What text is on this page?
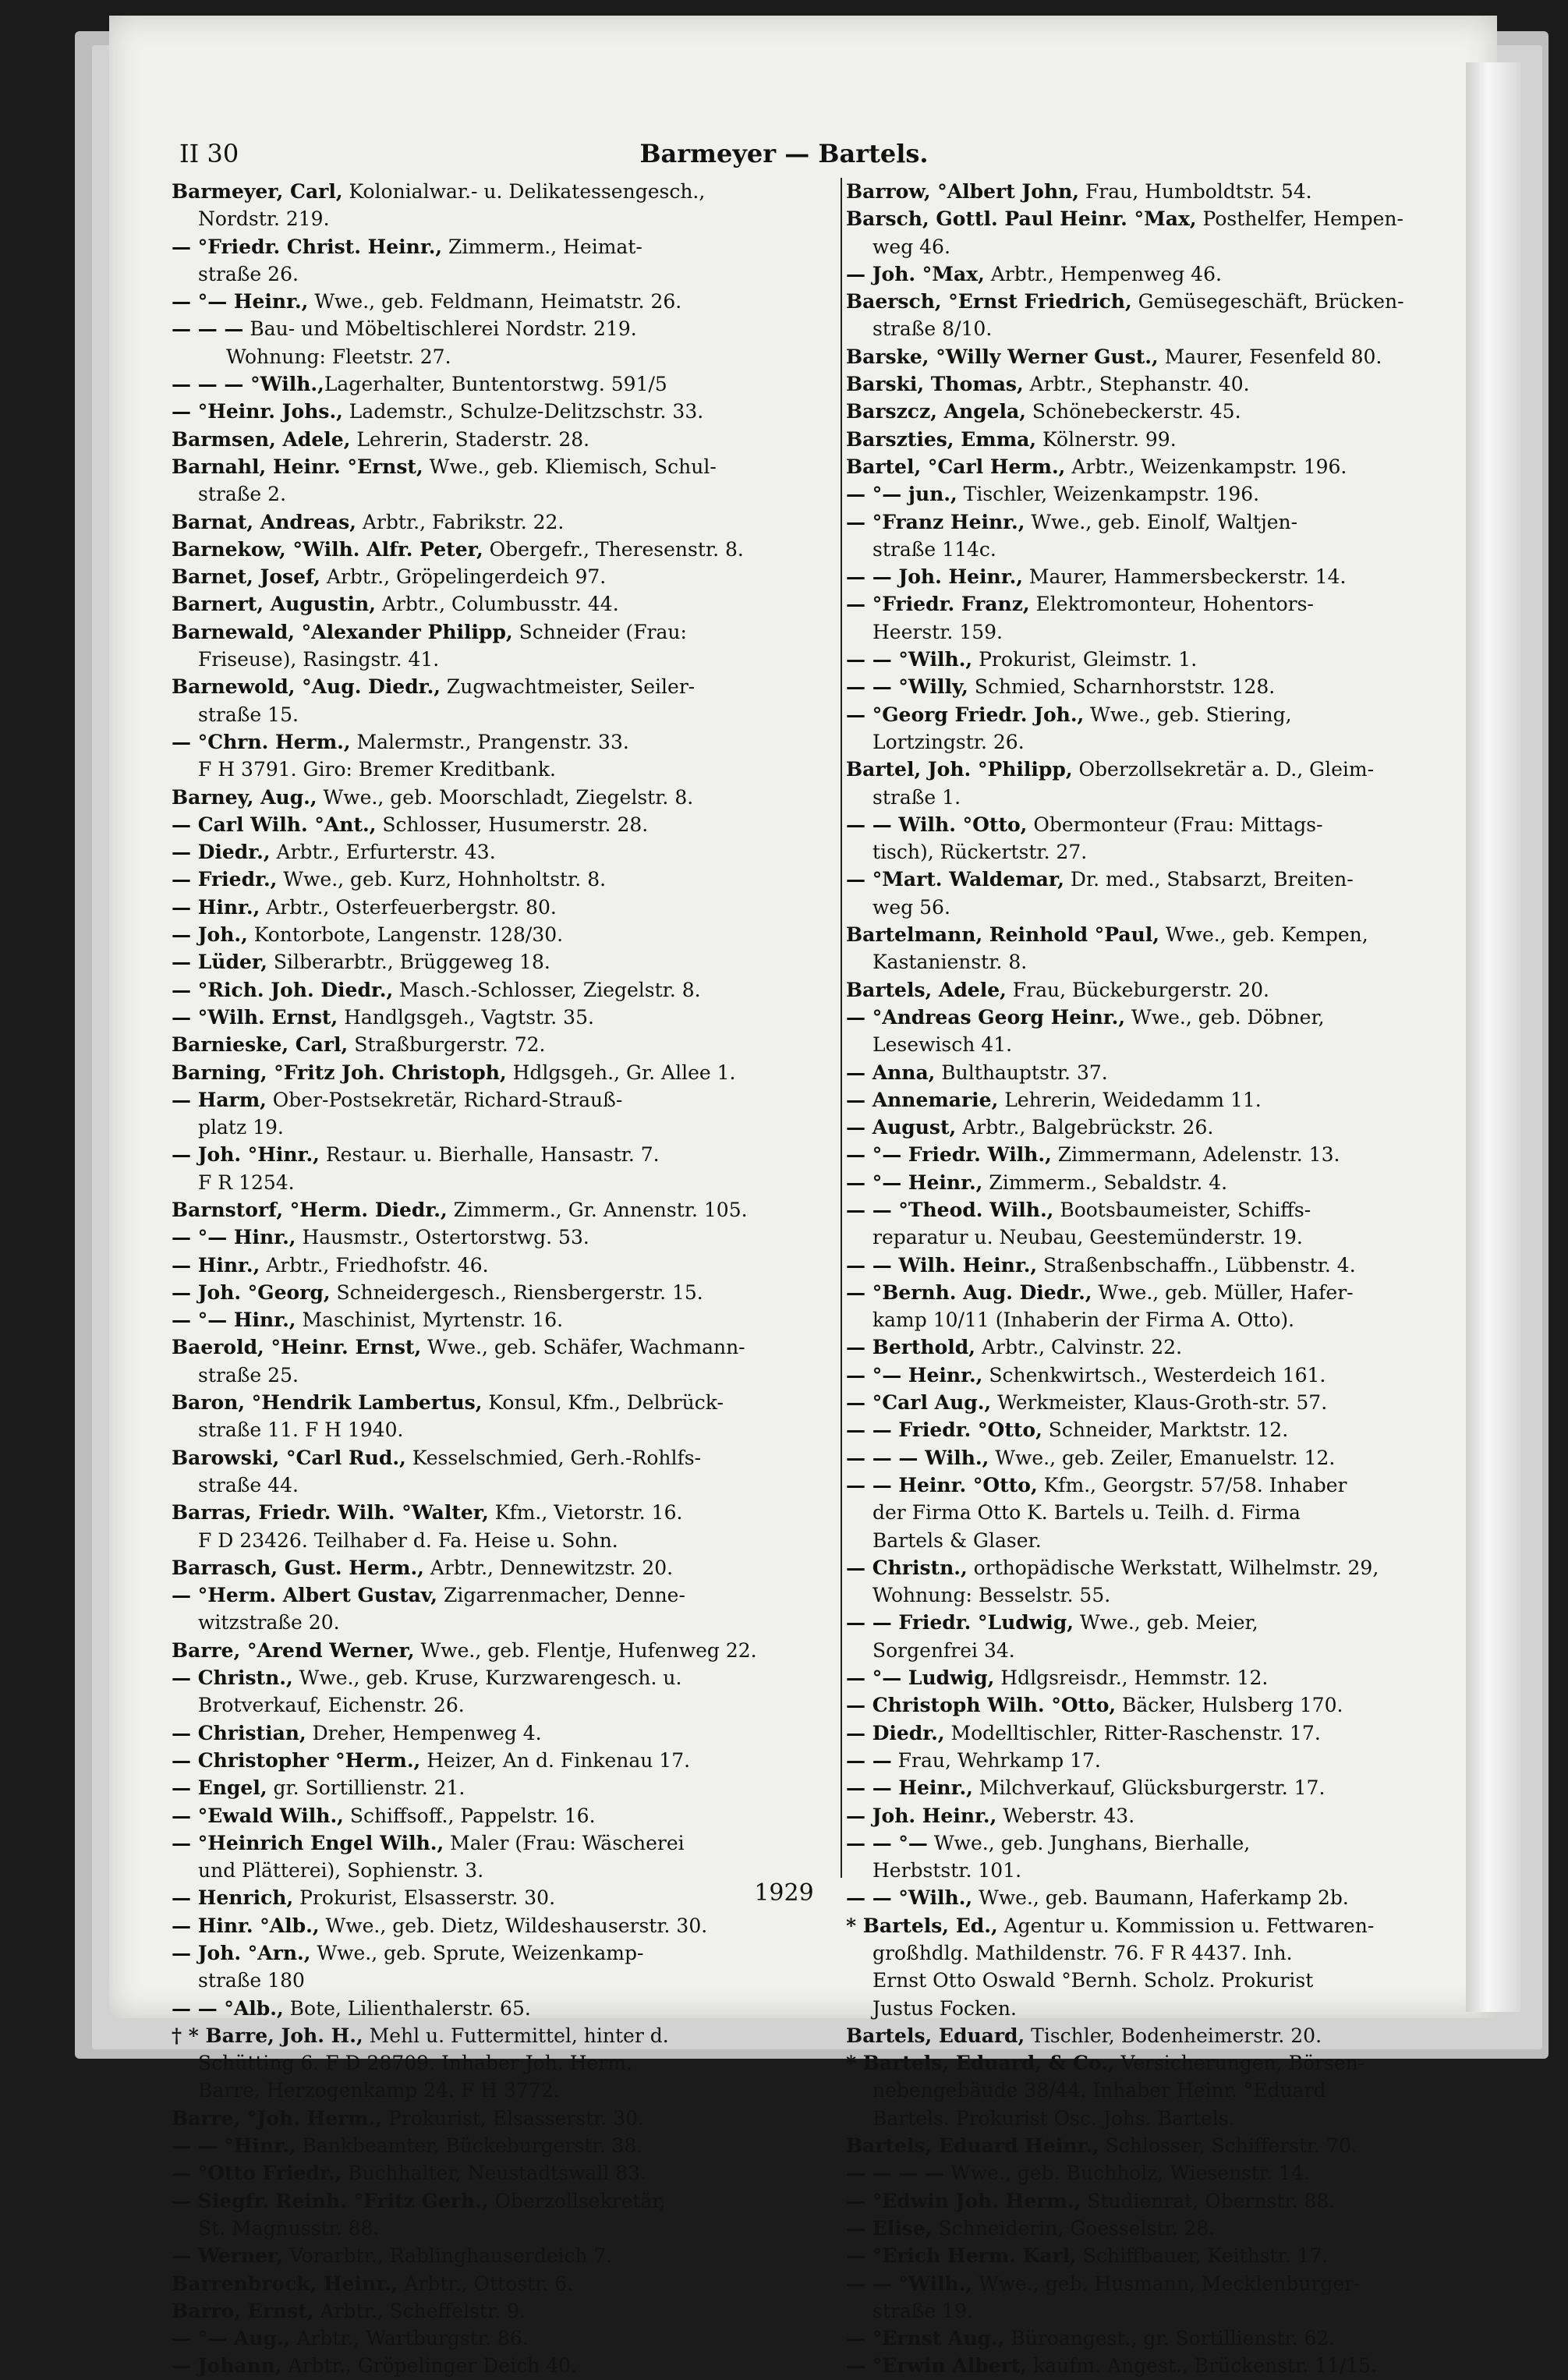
II 30	Barmeyer — Bartels.
Barmeyer, Carl, Kolonialwar.- u. Delikatessengesch.,
Nordstr. 219.
— °Friedr. Christ. Heinr., Zimmerm., Heimat-
straße 26.
— °— Heinr., Wwe., geb. Feldmann, Heimatstr. 26.
— — — Bau- und Möbeltischlerei Nordstr. 219.
Wohnung: Fleetstr. 27.
— — — °Wilh.,Lagerhalter, Buntentorstwg. 591/5
— °Heinr. Johs., Lademstr., Schulze-Delitzschstr. 33.
Barmsen, Adele, Lehrerin, Staderstr. 28.
Barnahl, Heinr. °Ernst, Wwe., geb. Kliemisch, Schul-
straße 2.
Barnat, Andreas, Arbtr., Fabrikstr. 22.
Barnekow, °Wilh. Alfr. Peter, Obergefr., Theresenstr. 8.
Barnet, Josef, Arbtr., Gröpelingerdeich 97.
Barnert, Augustin, Arbtr., Columbusstr. 44.
Barnewald, °Alexander Philipp, Schneider (Frau:
Friseuse), Rasingstr. 41.
Barnewold, °Aug. Diedr., Zugwachtmeister, Seiler-
straße 15.
— °Chrn. Herm., Malermstr., Prangenstr. 33.
F H 3791. Giro: Bremer Kreditbank.
Barney, Aug., Wwe., geb. Moorschladt, Ziegelstr. 8.
— Carl Wilh. °Ant., Schlosser, Husumerstr. 28.
— Diedr., Arbtr., Erfurterstr. 43.
— Friedr., Wwe., geb. Kurz, Hohnholtstr. 8.
— Hinr., Arbtr., Osterfeuerbergstr. 80.
— Joh., Kontorbote, Langenstr. 128/30.
— Lüder, Silberarbtr., Brüggeweg 18.
— °Rich. Joh. Diedr., Masch.-Schlosser, Ziegelstr. 8.
— °Wilh. Ernst, Handlgsgeh., Vagtstr. 35.
Barnieske, Carl, Straßburgerstr. 72.
Barning, °Fritz Joh. Christoph, Hdlgsgeh., Gr. Allee 1.
— Harm, Ober-Postsekretär, Richard-Strauß-
platz 19.
— Joh. °Hinr., Restaur. u. Bierhalle, Hansastr. 7.
F R 1254.
Barnstorf, °Herm. Diedr., Zimmerm., Gr. Annenstr. 105.
— °— Hinr., Hausmstr., Ostertorstwg. 53.
— Hinr., Arbtr., Friedhofstr. 46.
— Joh. °Georg, Schneidergesch., Riensbergerstr. 15.
— °— Hinr., Maschinist, Myrtenstr. 16.
Baerold, °Heinr. Ernst, Wwe., geb. Schäfer, Wachmann-
straße 25.
Baron, °Hendrik Lambertus, Konsul, Kfm., Delbrück-
straße 11. F H 1940.
Barowski, °Carl Rud., Kesselschmied, Gerh.-Rohlfs-
straße 44.
Barras, Friedr. Wilh. °Walter, Kfm., Vietorstr. 16.
F D 23426. Teilhaber d. Fa. Heise u. Sohn.
Barrasch, Gust. Herm., Arbtr., Dennewitzstr. 20.
— °Herm. Albert Gustav, Zigarrenmacher, Denne-
witzstraße 20.
Barre, °Arend Werner, Wwe., geb. Flentje, Hufenweg 22.
— Christn., Wwe., geb. Kruse, Kurzwarengesch. u.
Brotverkauf, Eichenstr. 26.
— Christian, Dreher, Hempenweg 4.
— Christopher °Herm., Heizer, An d. Finkenau 17.
— Engel, gr. Sortillienstr. 21.
— °Ewald Wilh., Schiffsoff., Pappelstr. 16.
— °Heinrich Engel Wilh., Maler (Frau: Wäscherei
und Plätterei), Sophienstr. 3.
— Henrich, Prokurist, Elsasserstr. 30.
— Hinr. °Alb., Wwe., geb. Dietz, Wildeshauserstr. 30.
— Joh. °Arn., Wwe., geb. Sprute, Weizenkamp-
straße 180
— — °Alb., Bote, Lilienthalerstr. 65.
† * Barre, Joh. H., Mehl u. Futtermittel, hinter d.
Schütting 6. F D 28709. Inhaber Joh. Herm.
Barre, Herzogenkamp 24. F H 3772.
Barre, °Joh. Herm., Prokurist, Elsasserstr. 30.
— — °Hinr., Bankbeamter, Bückeburgerstr. 38.
— °Otto Friedr., Buchhalter, Neustadtswall 83.
— Siegfr. Reinh. °Fritz Gerh., Oberzollsekretär,
St. Magnusstr. 88.
— Werner, Vorarbtr., Rablinghauserdeich 7.
Barrenbrock, Heinr., Arbtr., Ottostr. 6.
Barro, Ernst, Arbtr., Scheffelstr. 9.
— °— Aug., Arbtr., Wartburgstr. 86.
— Johann, Arbtr., Gröpelinger Deich 40.
Barrow, °Albert John, Frau, Humboldtstr. 54.
Barsch, Gottl. Paul Heinr. °Max, Posthelfer, Hempen-
weg 46.
— Joh. °Max, Arbtr., Hempenweg 46.
Baersch, °Ernst Friedrich, Gemüsegeschäft, Brücken-
straße 8/10.
Barske, °Willy Werner Gust., Maurer, Fesenfeld 80.
Barski, Thomas, Arbtr., Stephanstr. 40.
Barszcz, Angela, Schönebeckerstr. 45.
Barszties, Emma, Kölnerstr. 99.
Bartel, °Carl Herm., Arbtr., Weizenkampstr. 196.
— °— jun., Tischler, Weizenkampstr. 196.
— °Franz Heinr., Wwe., geb. Einolf, Waltjen-
straße 114c.
— — Joh. Heinr., Maurer, Hammersbeckerstr. 14.
— °Friedr. Franz, Elektromonteur, Hohentors-
Heerstr. 159.
— — °Wilh., Prokurist, Gleimstr. 1.
— — °Willy, Schmied, Scharnhorststr. 128.
— °Georg Friedr. Joh., Wwe., geb. Stiering,
Lortzingstr. 26.
Bartel, Joh. °Philipp, Oberzollsekretär a. D., Gleim-
straße 1.
— — Wilh. °Otto, Obermonteur (Frau: Mittags-
tisch), Rückertstr. 27.
— °Mart. Waldemar, Dr. med., Stabsarzt, Breiten-
weg 56.
Bartelmann, Reinhold °Paul, Wwe., geb. Kempen,
Kastanienstr. 8.
Bartels, Adele, Frau, Bückeburgerstr. 20.
— °Andreas Georg Heinr., Wwe., geb. Döbner,
Lesewisch 41.
— Anna, Bulthauptstr. 37.
— Annemarie, Lehrerin, Weidedamm 11.
— August, Arbtr., Balgebrückstr. 26.
— °— Friedr. Wilh., Zimmermann, Adelenstr. 13.
— °— Heinr., Zimmerm., Sebaldstr. 4.
— — °Theod. Wilh., Bootsbaumeister, Schiffs-
reparatur u. Neubau, Geestemünderstr. 19.
— — Wilh. Heinr., Straßenbschaffn., Lübbenstr. 4.
— °Bernh. Aug. Diedr., Wwe., geb. Müller, Hafer-
kamp 10/11 (Inhaberin der Firma A. Otto).
— Berthold, Arbtr., Calvinstr. 22.
— °— Heinr., Schenkwirtsch., Westerdeich 161.
— °Carl Aug., Werkmeister, Klaus-Groth-str. 57.
— — Friedr. °Otto, Schneider, Marktstr. 12.
— — — Wilh., Wwe., geb. Zeiler, Emanuelstr. 12.
— — Heinr. °Otto, Kfm., Georgstr. 57/58. Inhaber
der Firma Otto K. Bartels u. Teilh. d. Firma
Bartels & Glaser.
— Christn., orthopädische Werkstatt, Wilhelmstr. 29,
Wohnung: Besselstr. 55.
— — Friedr. °Ludwig, Wwe., geb. Meier,
Sorgenfrei 34.
— °— Ludwig, Hdlgsreisdr., Hemmstr. 12.
— Christoph Wilh. °Otto, Bäcker, Hulsberg 170.
— Diedr., Modelltischler, Ritter-Raschenstr. 17.
— — Frau, Wehrkamp 17.
— — Heinr., Milchverkauf, Glücksburgerstr. 17.
— Joh. Heinr., Weberstr. 43.
— — °— Wwe., geb. Junghans, Bierhalle,
Herbststr. 101.
— — °Wilh., Wwe., geb. Baumann, Haferkamp 2b.
* Bartels, Ed., Agentur u. Kommission u. Fettwaren-
großhdlg. Mathildenstr. 76. F R 4437. Inh.
Ernst Otto Oswald °Bernh. Scholz. Prokurist
Justus Focken.
Bartels, Eduard, Tischler, Bodenheimerstr. 20.
* Bartels, Eduard, & Co., Versicherungen, Börsen-
nebengebäude 38/44. Inhaber Heinr. °Eduard
Bartels. Prokurist Osc. Johs. Bartels.
Bartels, Eduard Heinr., Schlosser, Schifferstr. 70.
— — — — Wwe., geb. Buchholz, Wiesenstr. 14.
— °Edwin Joh. Herm., Studienrat, Obernstr. 88.
— Elise, Schneiderin, Goesselstr. 28.
— °Erich Herm. Karl, Schiffbauer, Keithstr. 17.
— — °Wilh., Wwe., geb. Husmann, Mecklenburger-
straße 19.
— °Ernst Aug., Büroangest., gr. Sortillienstr. 62.
— °Erwin Albert, kaufm. Angest., Brückenstr. 11/15.
1929
